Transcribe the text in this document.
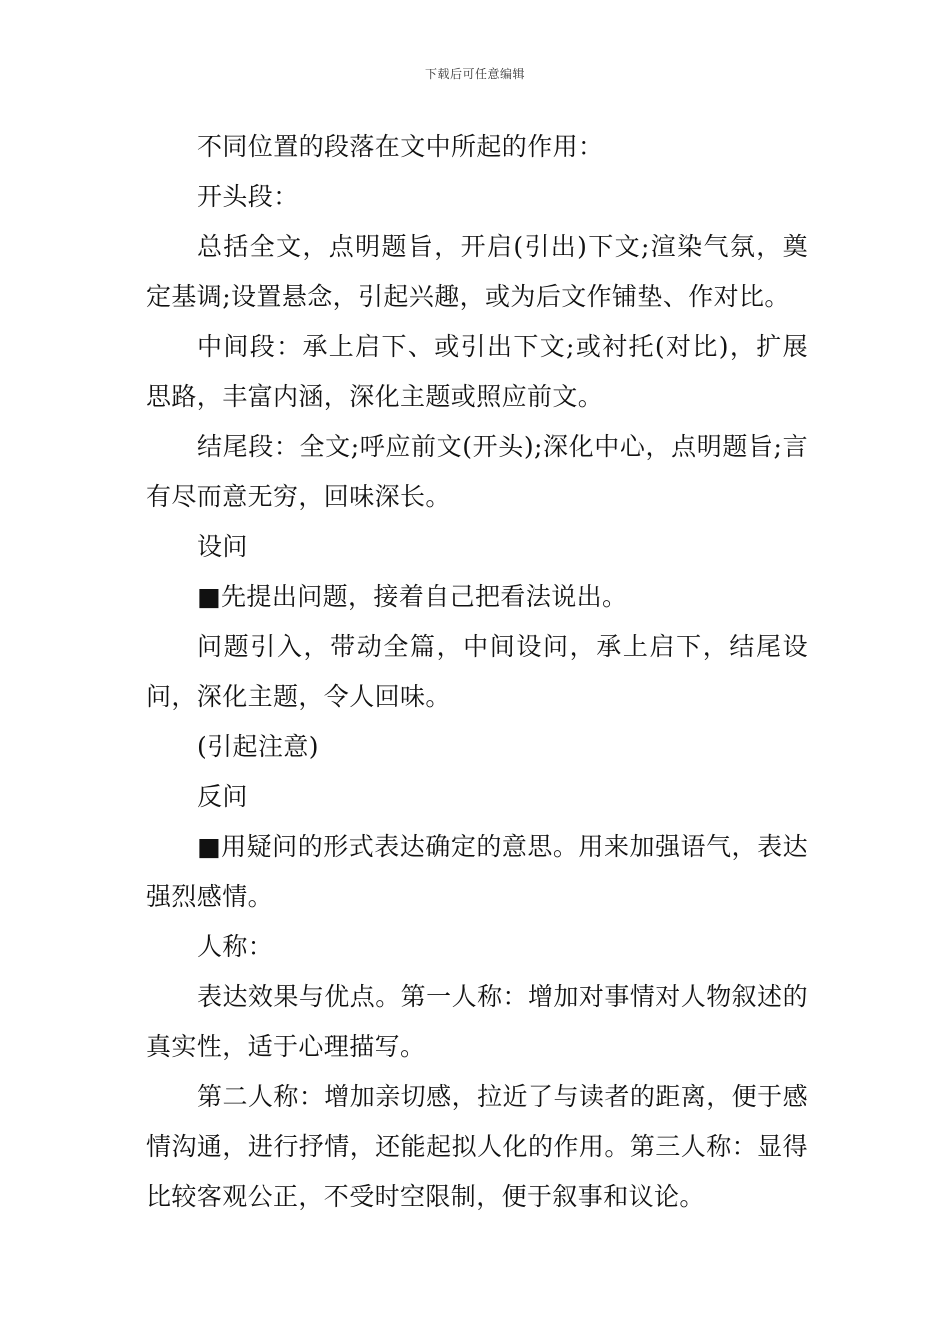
下载后可任意编辑

不同位置的段落在文中所起的作用：

开头段：

总括全文，点明题旨，开启(引出)下文;渲染气氛，奠定基调;设置悬念，引起兴趣，或为后文作铺垫、作对比。

中间段：承上启下、或引出下文;或衬托(对比)，扩展思路，丰富内涵，深化主题或照应前文。

结尾段：全文;呼应前文(开头);深化中心，点明题旨;言有尽而意无穷，回味深长。

设问

■先提出问题，接着自己把看法说出。

问题引入，带动全篇，中间设问，承上启下，结尾设问，深化主题，令人回味。

(引起注意)

反问

■用疑问的形式表达确定的意思。用来加强语气，表达强烈感情。

人称：

表达效果与优点。第一人称：增加对事情对人物叙述的真实性，适于心理描写。

第二人称：增加亲切感，拉近了与读者的距离，便于感情沟通，进行抒情，还能起拟人化的作用。第三人称：显得比较客观公正，不受时空限制，便于叙事和议论。
